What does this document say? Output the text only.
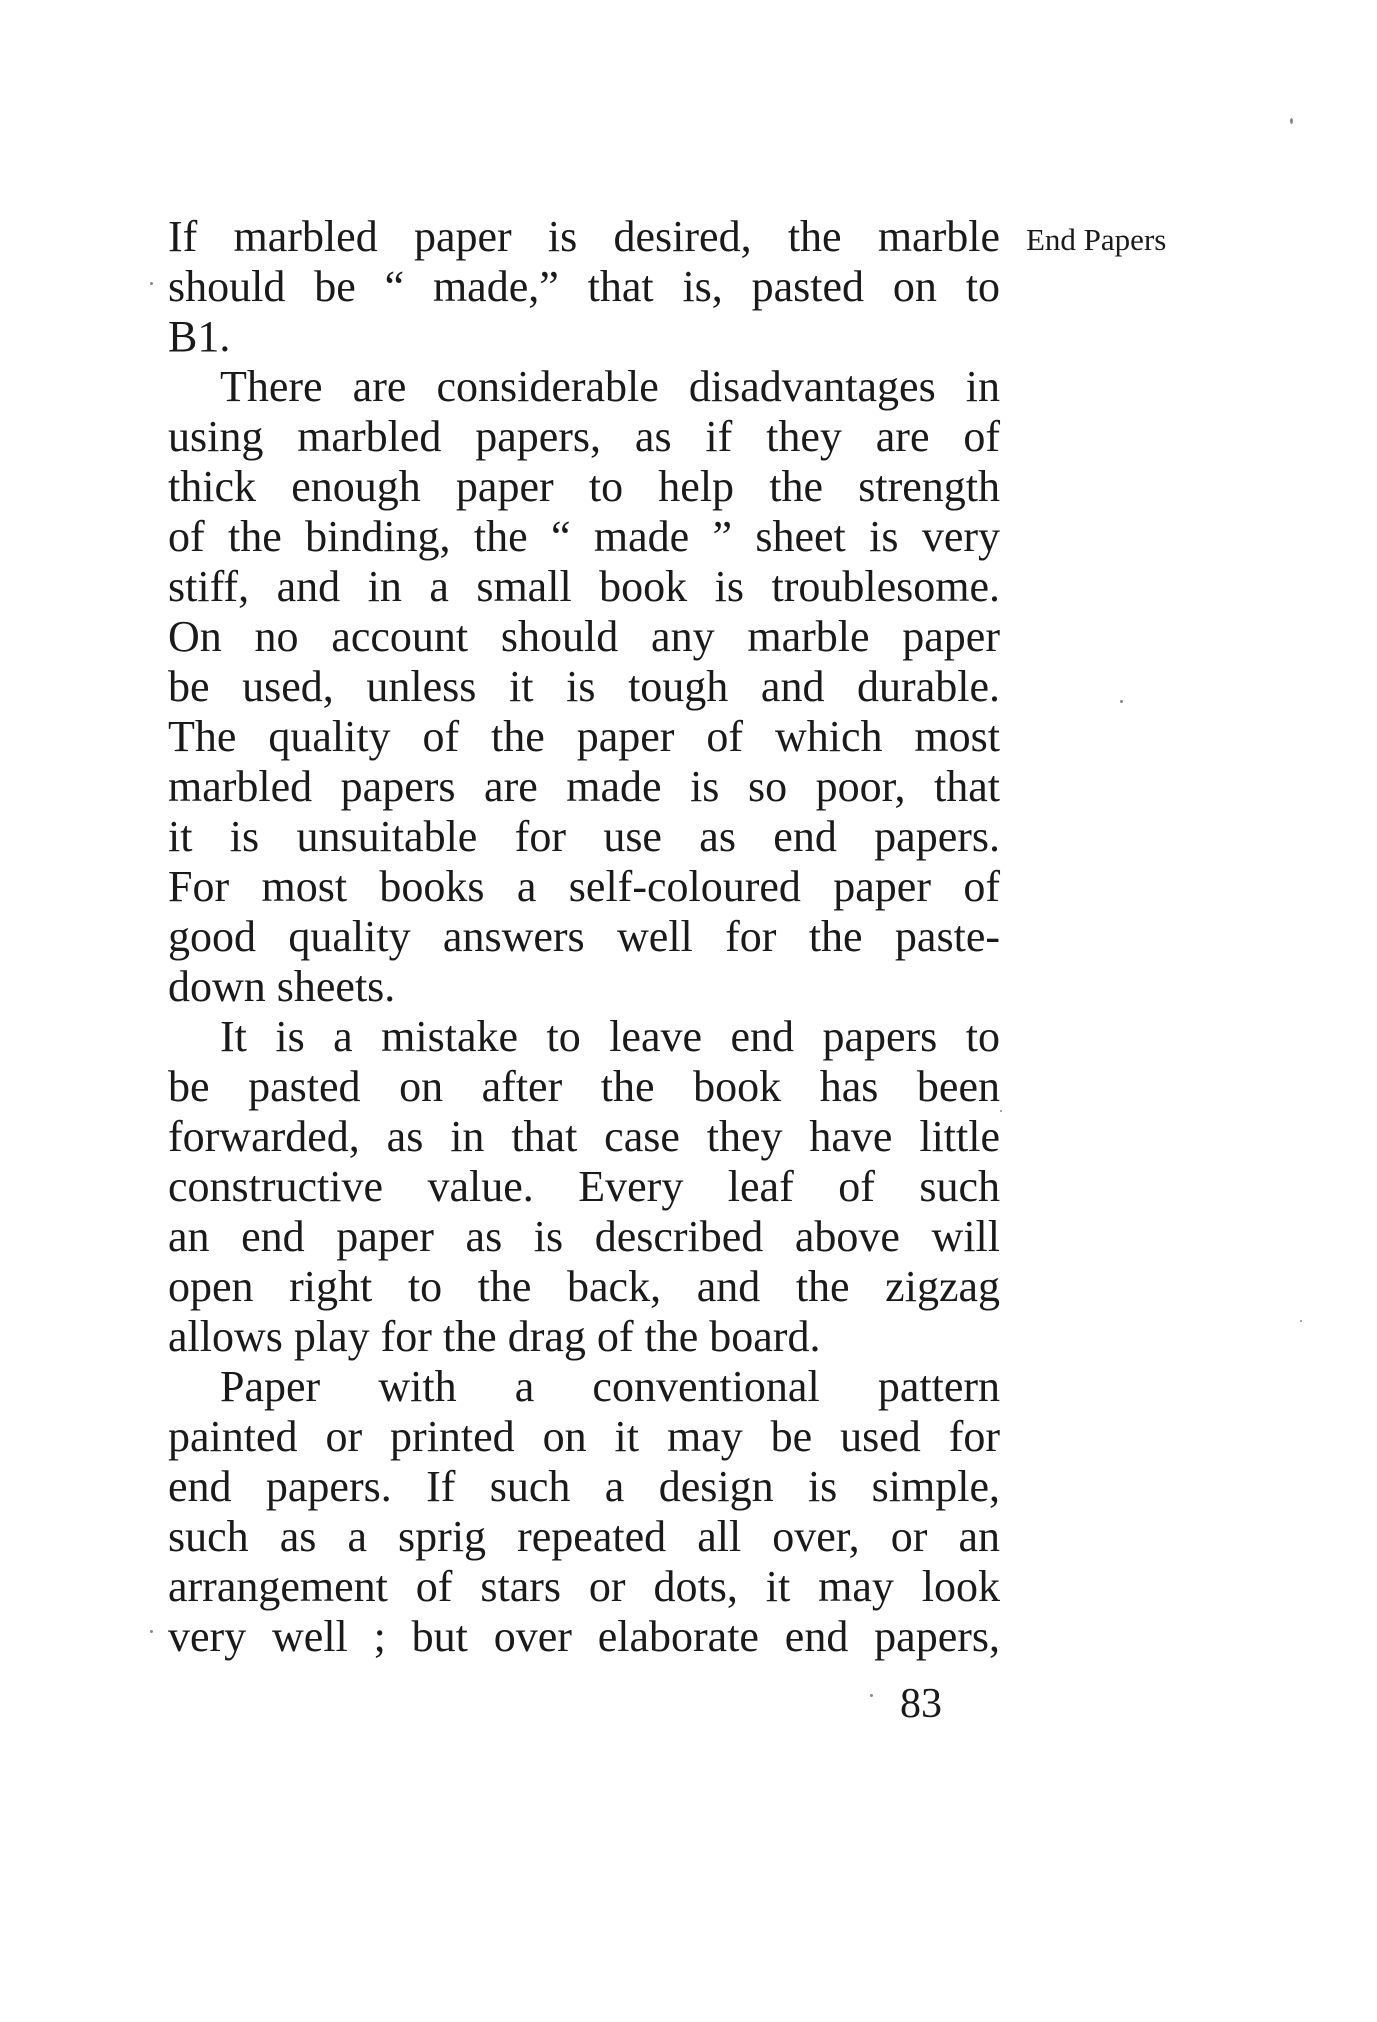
If marbled paper is desired, the marble

should be “ made,” that is, pasted on to

B1.

There are considerable disadvantages in

using marbled papers, as if they are of

thick enough paper to help the strength

of the binding, the “ made ” sheet is very

stiff, and in a small book is troublesome.

On no account should any marble paper

be used, unless it is tough and durable.

The quality of the paper of which most

marbled papers are made is so poor, that

it is unsuitable for use as end papers.

For most books a self-coloured paper of

good quality answers well for the paste-

down sheets.

It is a mistake to leave end papers to

be pasted on after the book has been

forwarded, as in that case they have little

constructive value. Every leaf of such

an end paper as is described above will

open right to the back, and the zigzag

allows play for the drag of the board.

Paper with a conventional pattern

painted or printed on it may be used for

end papers. If such a design is simple,

such as a sprig repeated all over, or an

arrangement of stars or dots, it may look

very well ; but over elaborate end papers,

End Papers
83
